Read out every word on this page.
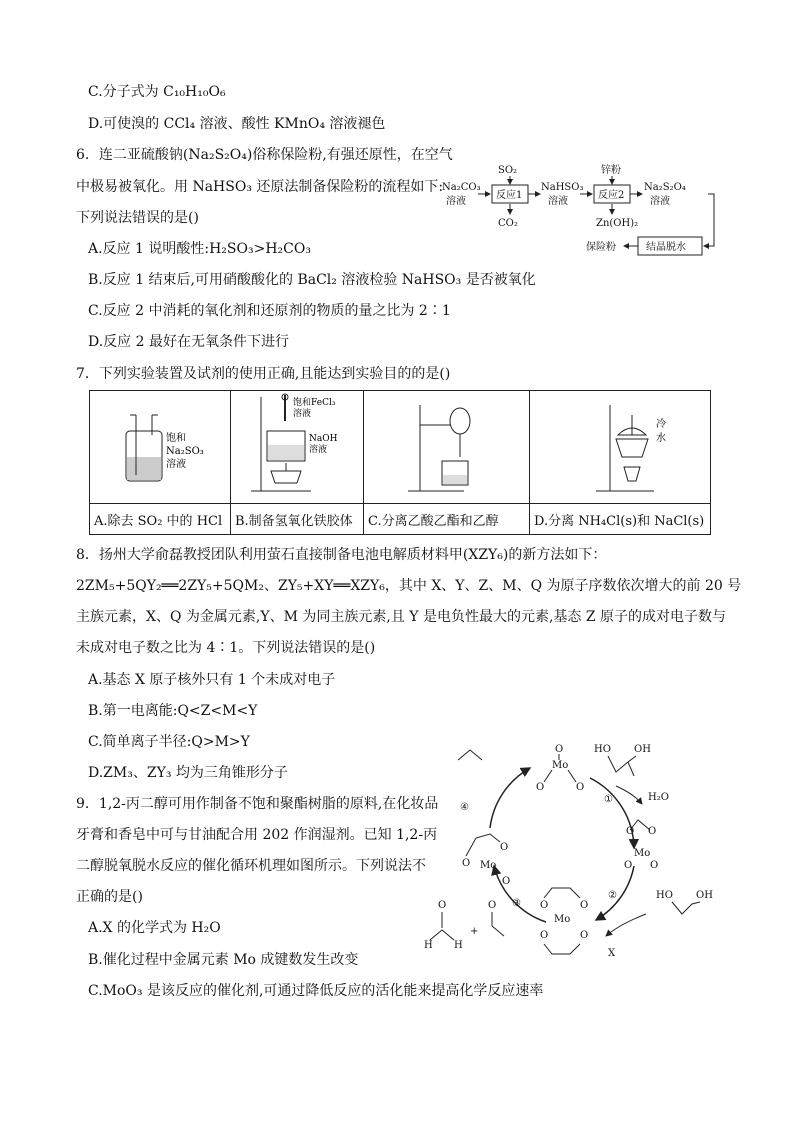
C.分子式为 C₁₀H₁₀O₆
D.可使溴的 CCl₄ 溶液、酸性 KMnO₄ 溶液褪色
6．连二亚硫酸钠(Na₂S₂O₄)俗称保险粉,有强还原性，在空气
中极易被氧化。用 NaHSO₃ 还原法制备保险粉的流程如下:
下列说法错误的是()
A.反应 1 说明酸性:H₂SO₃>H₂CO₃
B.反应 1 结束后,可用硝酸酸化的 BaCl₂ 溶液检验 NaHSO₃ 是否被氧化
C.反应 2 中消耗的氧化剂和还原剂的物质的量之比为 2∶1
D.反应 2 最好在无氧条件下进行
Na₂CO₃
溶液
反应1
SO₂
CO₂
NaHSO₃
溶液
反应2
锌粉
Zn(OH)₂
Na₂S₂O₄
溶液
结晶脱水
保险粉
7．下列实验装置及试剂的使用正确,且能达到实验目的的是()
饱和
Na₂SO₃
溶液	饱和FeCl₃
溶液
NaOH
溶液		冷
水

A.除去 SO₂ 中的 HCl	B.制备氢氧化铁胶体	C.分离乙酸乙酯和乙醇	D.分离 NH₄Cl(s)和 NaCl(s)
8．扬州大学俞磊教授团队利用萤石直接制备电池电解质材料甲(XZY₆)的新方法如下：
2ZM₅+5QY₂══2ZY₅+5QM₂、ZY₅+XY══XZY₆，其中 X、Y、Z、M、Q 为原子序数依次增大的前 20 号
主族元素，X、Q 为金属元素,Y、M 为同主族元素,且 Y 是电负性最大的元素,基态 Z 原子的成对电子数与
未成对电子数之比为 4∶1。下列说法错误的是()
A.基态 X 原子核外只有 1 个未成对电子
B.第一电离能:Q<Z<M<Y
C.简单离子半径:Q>M>Y
D.ZM₃、ZY₃ 均为三角锥形分子
9．1,2-丙二醇可用作制备不饱和聚酯树脂的原料,在化妆品
牙膏和香皂中可与甘油配合用 202 作润湿剂。已知 1,2-丙
二醇脱氧脱水反应的催化循环机理如图所示。下列说法不
正确的是()
A.X 的化学式为 H₂O
B.催化过程中金属元素 Mo 成键数发生改变
C.MoO₃ 是该反应的催化剂,可通过降低反应的活化能来提高化学反应速率
Mo
O
O	O
HO OH
①	H₂O
Mo
O O
O O
Mo
O
O
O
④
Mo
O	O
O	O
②	HO OH
X
③
O
H H
+
O
